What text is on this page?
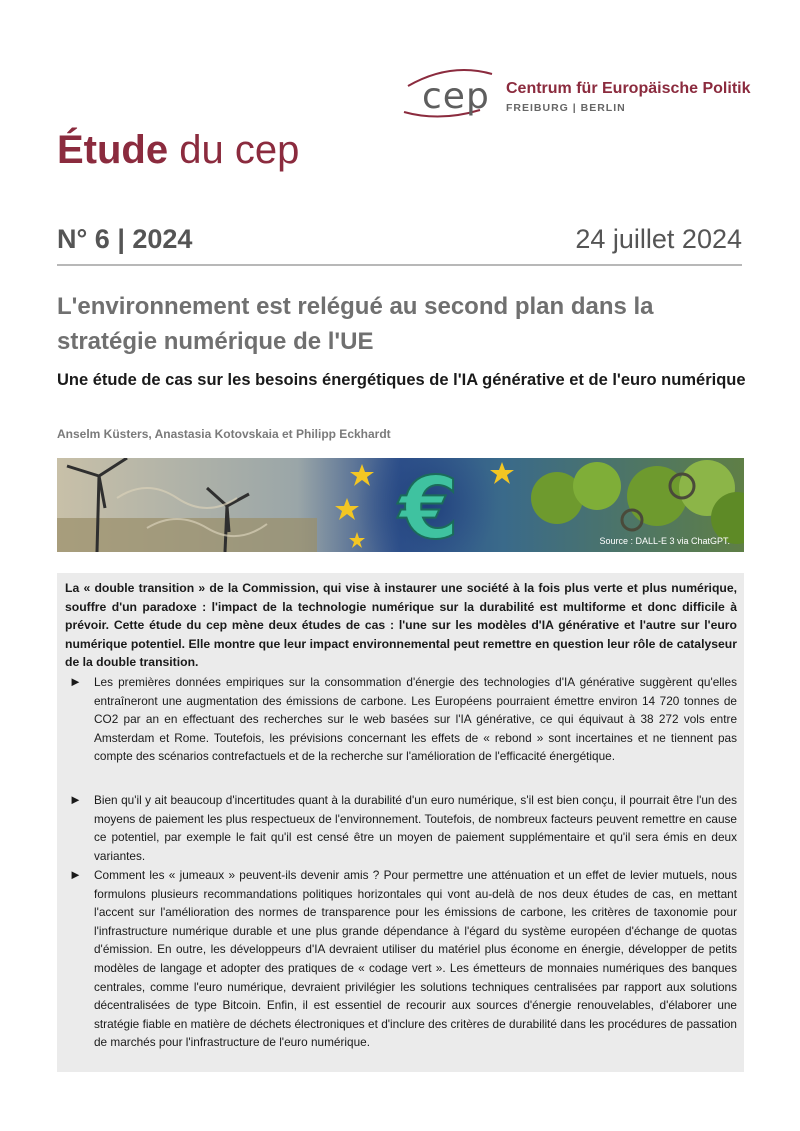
cep Centrum für Europäische Politik
FREIBURG | BERLIN
Étude du cep
N° 6 | 2024	24 juillet 2024
L'environnement est relégué au second plan dans la stratégie numérique de l'UE
Une étude de cas sur les besoins énergétiques de l'IA générative et de l'euro numérique
Anselm Küsters, Anastasia Kotovskaia et Philipp Eckhardt
€	Source : DALL-E 3 via ChatGPT.
La « double transition » de la Commission, qui vise à instaurer une société à la fois plus verte et plus numérique, souffre d'un paradoxe : l'impact de la technologie numérique sur la durabilité est multiforme et donc difficile à prévoir. Cette étude du cep mène deux études de cas : l'une sur les modèles d'IA générative et l'autre sur l'euro numérique potentiel. Elle montre que leur impact environnemental peut remettre en question leur rôle de catalyseur de la double transition.
► Les premières données empiriques sur la consommation d'énergie des technologies d'IA générative suggèrent qu'elles entraîneront une augmentation des émissions de carbone. Les Européens pourraient émettre environ 14 720 tonnes de CO2 par an en effectuant des recherches sur le web basées sur l'IA générative, ce qui équivaut à 38 272 vols entre Amsterdam et Rome. Toutefois, les prévisions concernant les effets de « rebond » sont incertaines et ne tiennent pas compte des scénarios contrefactuels et de la recherche sur l'amélioration de l'efficacité énergétique.
► Bien qu'il y ait beaucoup d'incertitudes quant à la durabilité d'un euro numérique, s'il est bien conçu, il pourrait être l'un des moyens de paiement les plus respectueux de l'environnement. Toutefois, de nombreux facteurs peuvent remettre en cause ce potentiel, par exemple le fait qu'il est censé être un moyen de paiement supplémentaire et qu'il sera émis en deux variantes.
► Comment les « jumeaux » peuvent-ils devenir amis ? Pour permettre une atténuation et un effet de levier mutuels, nous formulons plusieurs recommandations politiques horizontales qui vont au-delà de nos deux études de cas, en mettant l'accent sur l'amélioration des normes de transparence pour les émissions de carbone, les critères de taxonomie pour l'infrastructure numérique durable et une plus grande dépendance à l'égard du système européen d'échange de quotas d'émission. En outre, les développeurs d'IA devraient utiliser du matériel plus économe en énergie, développer de petits modèles de langage et adopter des pratiques de « codage vert ». Les émetteurs de monnaies numériques des banques centrales, comme l'euro numérique, devraient privilégier les solutions techniques centralisées par rapport aux solutions décentralisées de type Bitcoin. Enfin, il est essentiel de recourir aux sources d'énergie renouvelables, d'élaborer une stratégie fiable en matière de déchets électroniques et d'inclure des critères de durabilité dans les procédures de passation de marchés pour l'infrastructure de l'euro numérique.
